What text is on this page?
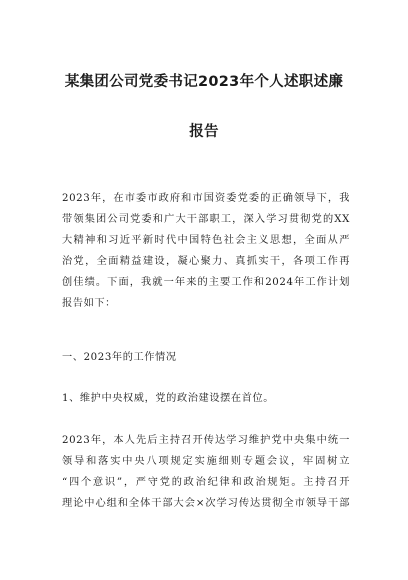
某集团公司党委书记2023年个人述职述廉
报告

2023年，在市委市政府和市国资委党委的正确领导下，我
带领集团公司党委和广大干部职工，深入学习贯彻党的XX
大精神和习近平新时代中国特色社会主义思想，全面从严
治党，全面精益建设，凝心聚力、真抓实干，各项工作再
创佳绩。下面，我就一年来的主要工作和2024年工作计划
报告如下：

一、2023年的工作情况

1、维护中央权威，党的政治建设摆在首位。

2023年，本人先后主持召开传达学习维护党中央集中统一
领导和落实中央八项规定实施细则专题会议，牢固树立
“四个意识”，严守党的政治纪律和政治规矩。主持召开
理论中心组和全体干部大会×次学习传达贯彻全市领导干部
